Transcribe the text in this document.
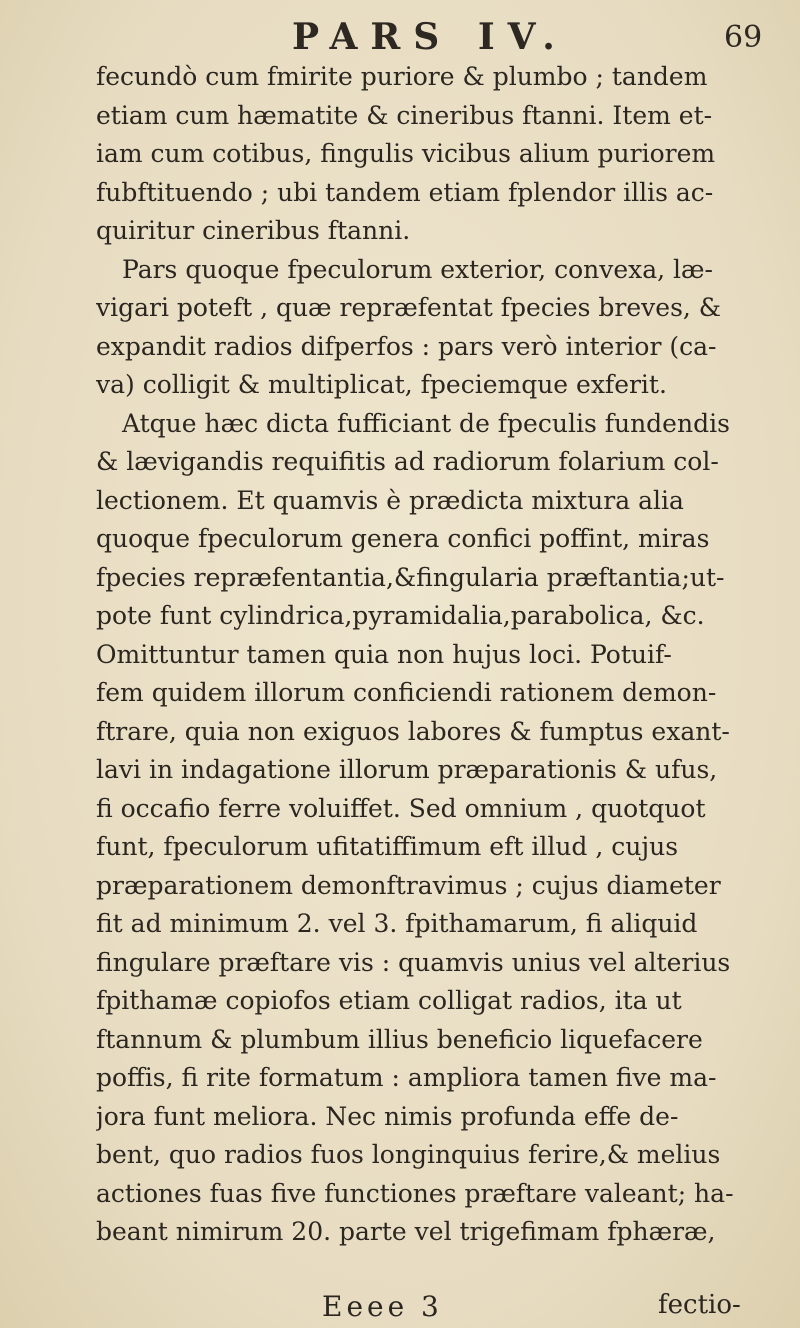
PARS IV.	69
fecundò cum fmirite puriore & plumbo ; tandem
etiam cum hæmatite & cineribus ftanni. Item et-
iam cum cotibus, fingulis vicibus alium puriorem
fubftituendo ; ubi tandem etiam fplendor illis ac-
quiritur cineribus ftanni.
Pars quoque fpeculorum exterior, convexa, læ-
vigari poteft , quæ repræfentat fpecies breves, &
expandit radios difperfos : pars verò interior (ca-
va) colligit & multiplicat, fpeciemque exferit.
Atque hæc dicta fufficiant de fpeculis fundendis
& lævigandis requifitis ad radiorum folarium col-
lectionem. Et quamvis è prædicta mixtura alia
quoque fpeculorum genera confici poffint, miras
fpecies repræfentantia,&fingularia præftantia;ut-
pote funt cylindrica,pyramidalia,parabolica, &c.
Omittuntur tamen quia non hujus loci. Potuif-
fem quidem illorum conficiendi rationem demon-
ftrare, quia non exiguos labores & fumptus exant-
lavi in indagatione illorum præparationis & ufus,
fi occafio ferre voluiffet. Sed omnium , quotquot
funt, fpeculorum ufitatiffimum eft illud , cujus
præparationem demonftravimus ; cujus diameter
fit ad minimum 2. vel 3. fpithamarum, fi aliquid
fingulare præftare vis : quamvis unius vel alterius
fpithamæ copiofos etiam colligat radios, ita ut
ftannum & plumbum illius beneficio liquefacere
poffis, fi rite formatum : ampliora tamen five ma-
jora funt meliora. Nec nimis profunda effe de-
bent, quo radios fuos longinquius ferire,& melius
actiones fuas five functiones præftare valeant; ha-
beant nimirum 20. parte vel trigefimam fphæræ,
Eeee 3	fectio-
